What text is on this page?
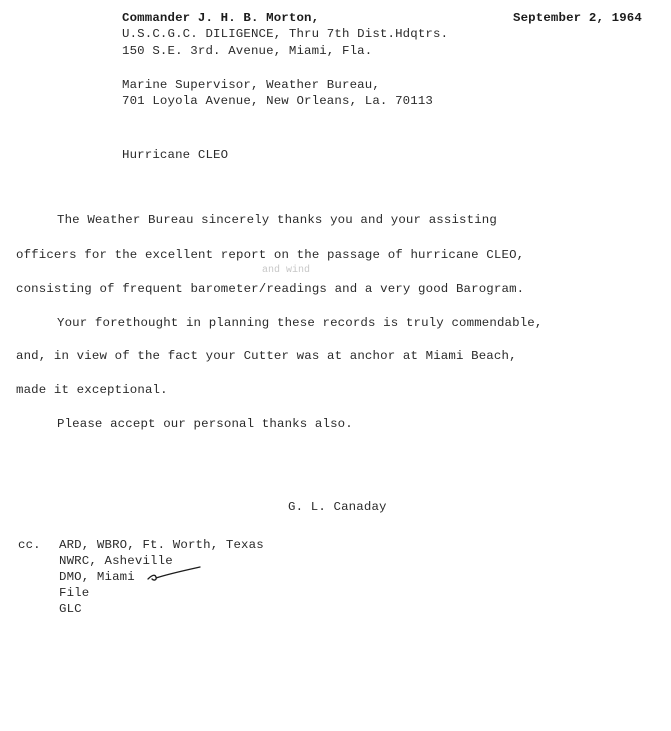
Commander J. H. B. Morton,	September 2, 1964
U.S.C.G.C. DILIGENCE, Thru 7th Dist.Hdqtrs.
150 S.E. 3rd. Avenue, Miami, Fla.
Marine Supervisor, Weather Bureau,
701 Loyola Avenue, New Orleans, La. 70113
Hurricane CLEO
The Weather Bureau sincerely thanks you and your assisting
officers for the excellent report on the passage of hurricane CLEO,
and wind
consisting of frequent barometer/readings and a very good Barogram.
Your forethought in planning these records is truly commendable,
and, in view of the fact your Cutter was at anchor at Miami Beach,
made it exceptional.
Please accept our personal thanks also.
G. L. Canaday
cc. ARD, WBRO, Ft. Worth, Texas
NWRC, Asheville
DMO, Miami
File
GLC
